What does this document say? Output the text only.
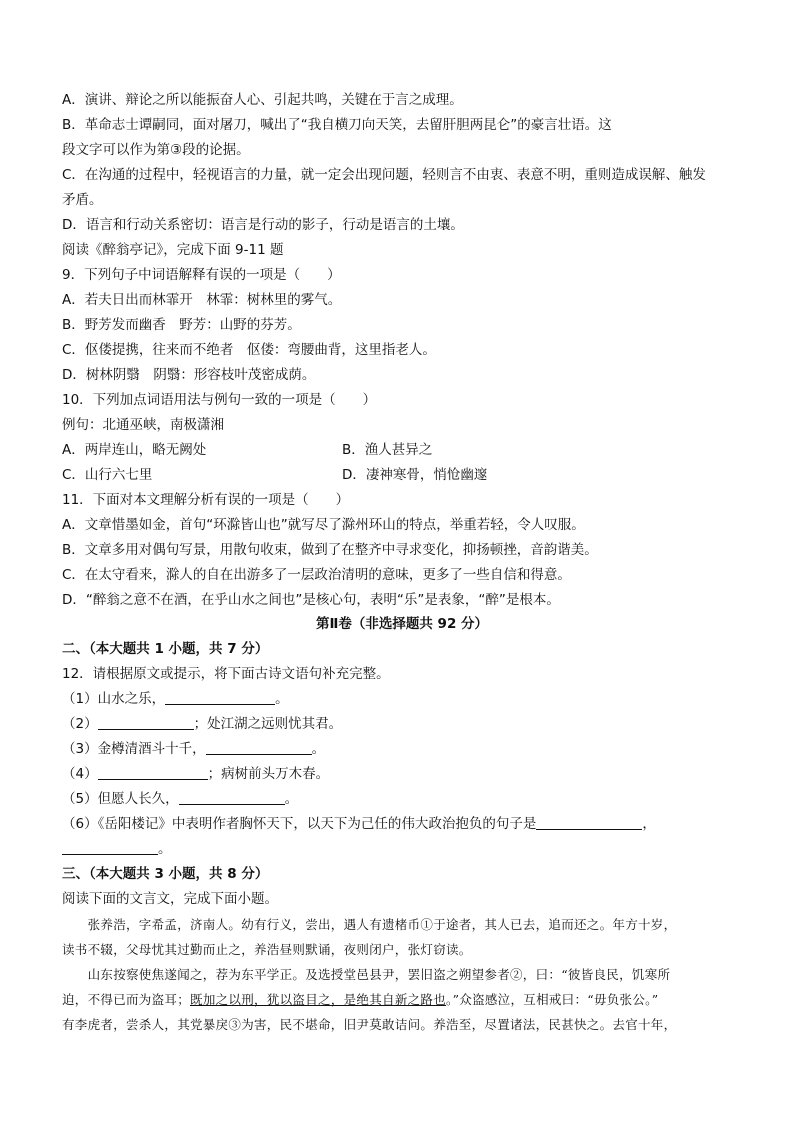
A．演讲、辩论之所以能振奋人心、引起共鸣，关键在于言之成理。
B．革命志士谭嗣同，面对屠刀，喊出了“我自横刀向天笑，去留肝胆两昆仑”的豪言壮语。这
段文字可以作为第③段的论据。
C．在沟通的过程中，轻视语言的力量，就一定会出现问题，轻则言不由衷、表意不明，重则造成误解、触发
矛盾。
D．语言和行动关系密切：语言是行动的影子，行动是语言的土壤。
阅读《醉翁亭记》，完成下面 9-11 题
9．下列句子中词语解释有误的一项是（　　）
A．若夫日出而林霏开　林霏：树林里的雾气。
B．野芳发而幽香　野芳：山野的芬芳。
C．伛偻提携，往来而不绝者　伛偻：弯腰曲背，这里指老人。
D．树林阴翳　阴翳：形容枝叶茂密成荫。
10．下列加点词语用法与例句一致的一项是（　　）
例句：北通巫峡，南极潇湘
A．两岸连山，略无阙处	B．渔人甚异之
C．山行六七里	D．凄神寒骨，悄怆幽邃
11．下面对本文理解分析有误的一项是（　　）
A．文章惜墨如金，首句“环滁皆山也”就写尽了滁州环山的特点，举重若轻，令人叹服。
B．文章多用对偶句写景，用散句收束，做到了在整齐中寻求变化，抑扬顿挫，音韵谐美。
C．在太守看来，滁人的自在出游多了一层政治清明的意味，更多了一些自信和得意。
D．“醉翁之意不在酒，在乎山水之间也”是核心句，表明“乐”是表象，“醉”是根本。
第Ⅱ卷（非选择题共 92 分）
二、（本大题共 1 小题，共 7 分）
12．请根据原文或提示，将下面古诗文语句补充完整。
（1）山水之乐，	。
（2）	；处江湖之远则忧其君。
（3）金樽清酒斗十千，	。
（4）	；病树前头万木春。
（5）但愿人长久，	。
（6）《岳阳楼记》中表明作者胸怀天下，以天下为己任的伟大政治抱负的句子是	，
。
三、（本大题共 3 小题，共 8 分）
阅读下面的文言文，完成下面小题。
　　张养浩，字希孟，济南人。幼有行义，尝出，遇人有遗楮币①于途者，其人已去，追而还之。年方十岁，
读书不辍，父母忧其过勤而止之，养浩昼则默诵，夜则闭户，张灯窃读。
　　山东按察使焦遂闻之，荐为东平学正。及选授堂邑县尹，罢旧盗之朔望参者②，曰：“彼皆良民，饥寒所
迫，不得已而为盗耳；既加之以刑，犹以盗目之，是绝其自新之路也。”众盗感泣，互相戒曰：“毋负张公。”
有李虎者，尝杀人，其党暴戾③为害，民不堪命，旧尹莫敢诘问。养浩至，尽置诸法，民甚快之。去官十年，
